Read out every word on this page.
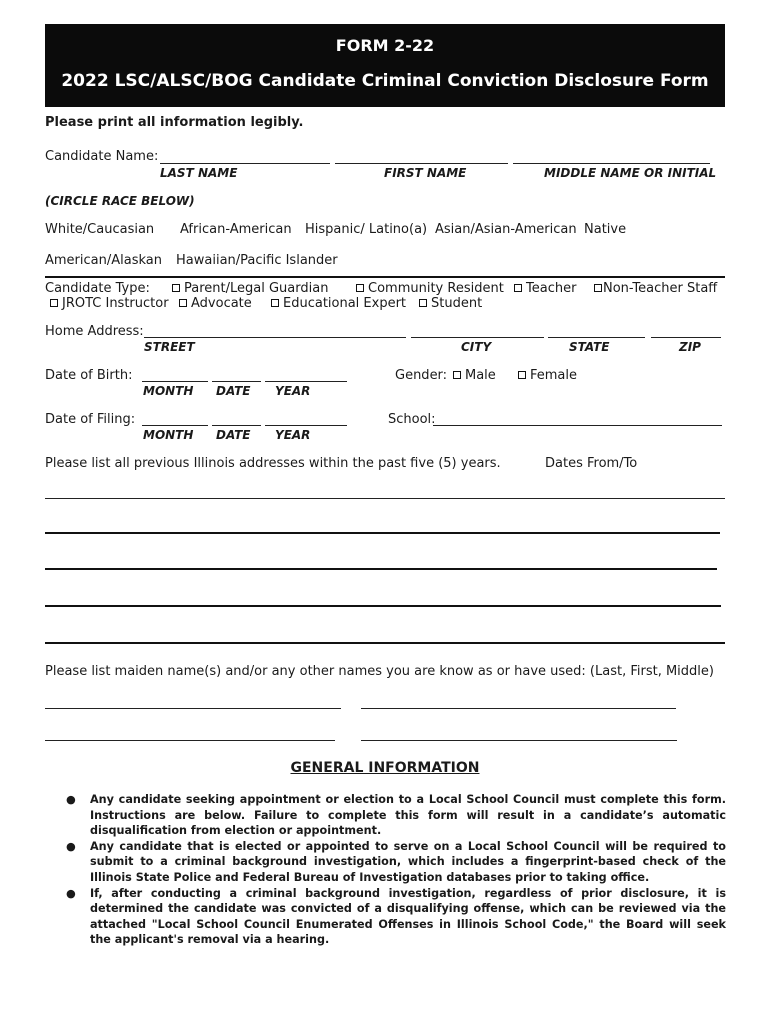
FORM 2-22
2022 LSC/ALSC/BOG Candidate Criminal Conviction Disclosure Form
Please print all information legibly.
Candidate Name:
LAST NAME	FIRST NAME	MIDDLE NAME OR INITIAL
(CIRCLE RACE BELOW)
White/Caucasian African-American Hispanic/ Latino(a) Asian/Asian-American Native
American/Alaskan Hawaiian/Pacific Islander
Candidate Type:	Parent/Legal Guardian	Community Resident	Teacher	Non-Teacher Staff
JROTC Instructor	Advocate	Educational Expert	Student
Home Address:
STREET	CITY	STATE	ZIP
Date of Birth:
MONTH DATE YEAR
Gender:	Male	Female
Date of Filing:
MONTH DATE YEAR
School:
Please list all previous Illinois addresses within the past five (5) years.	Dates From/To
Please list maiden name(s) and/or any other names you are know as or have used: (Last, First, Middle)
GENERAL INFORMATION
● Any candidate seeking appointment or election to a Local School Council must complete this form. Instructions are below. Failure to complete this form will result in a candidate’s automatic disqualification from election or appointment.
● Any candidate that is elected or appointed to serve on a Local School Council will be required to submit to a criminal background investigation, which includes a fingerprint-based check of the Illinois State Police and Federal Bureau of Investigation databases prior to taking office.
● If, after conducting a criminal background investigation, regardless of prior disclosure, it is determined the candidate was convicted of a disqualifying offense, which can be reviewed via the attached "Local School Council Enumerated Offenses in Illinois School Code," the Board will seek the applicant's removal via a hearing.
